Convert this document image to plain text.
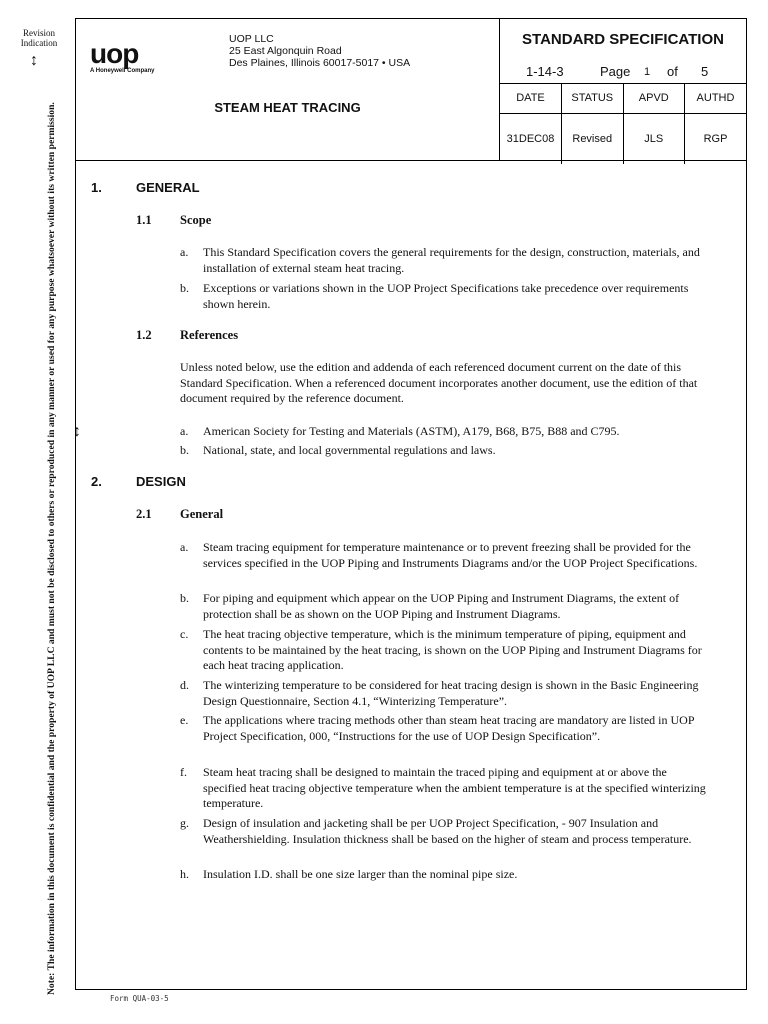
Revision Indication
↕
↕
Note: The information in this document is confidential and the property of UOP LLC and must not be disclosed to others or reproduced in any manner or used for any purpose whatsoever without its written permission.
uop
A Honeywell Company
UOP LLC
25 East Algonquin Road
Des Plaines, Illinois 60017-5017 • USA
STEAM HEAT TRACING
STANDARD SPECIFICATION
1-14-3	Page 1 of 5
DATE	STATUS	APVD	AUTHD
31DEC08	Revised	JLS	RGP
1.	GENERAL
1.1 Scope
a.	This Standard Specification covers the general requirements for the design, construction, materials, and installation of external steam heat tracing.
b.	Exceptions or variations shown in the UOP Project Specifications take precedence over requirements shown herein.
1.2 References
Unless noted below, use the edition and addenda of each referenced document current on the date of this Standard Specification. When a referenced document incorporates another document, use the edition of that document required by the reference document.
a.	American Society for Testing and Materials (ASTM), A179, B68, B75, B88 and C795.
b.	National, state, and local governmental regulations and laws.
2.	DESIGN
2.1 General
a.	Steam tracing equipment for temperature maintenance or to prevent freezing shall be provided for the services specified in the UOP Piping and Instruments Diagrams and/or the UOP Project Specifications.
b.	For piping and equipment which appear on the UOP Piping and Instrument Diagrams, the extent of protection shall be as shown on the UOP Piping and Instrument Diagrams.
c.	The heat tracing objective temperature, which is the minimum temperature of piping, equipment and contents to be maintained by the heat tracing, is shown on the UOP Piping and Instrument Diagrams for each heat tracing application.
d.	The winterizing temperature to be considered for heat tracing design is shown in the Basic Engineering Design Questionnaire, Section 4.1, “Winterizing Temperature”.
e.	The applications where tracing methods other than steam heat tracing are mandatory are listed in UOP Project Specification, 000, “Instructions for the use of UOP Design Specification”.
f.	Steam heat tracing shall be designed to maintain the traced piping and equipment at or above the specified heat tracing objective temperature when the ambient temperature is at the specified winterizing temperature.
g.	Design of insulation and jacketing shall be per UOP Project Specification, - 907 Insulation and Weathershielding. Insulation thickness shall be based on the higher of steam and process temperature.
h.	Insulation I.D. shall be one size larger than the nominal pipe size.
Form QUA-03-5
